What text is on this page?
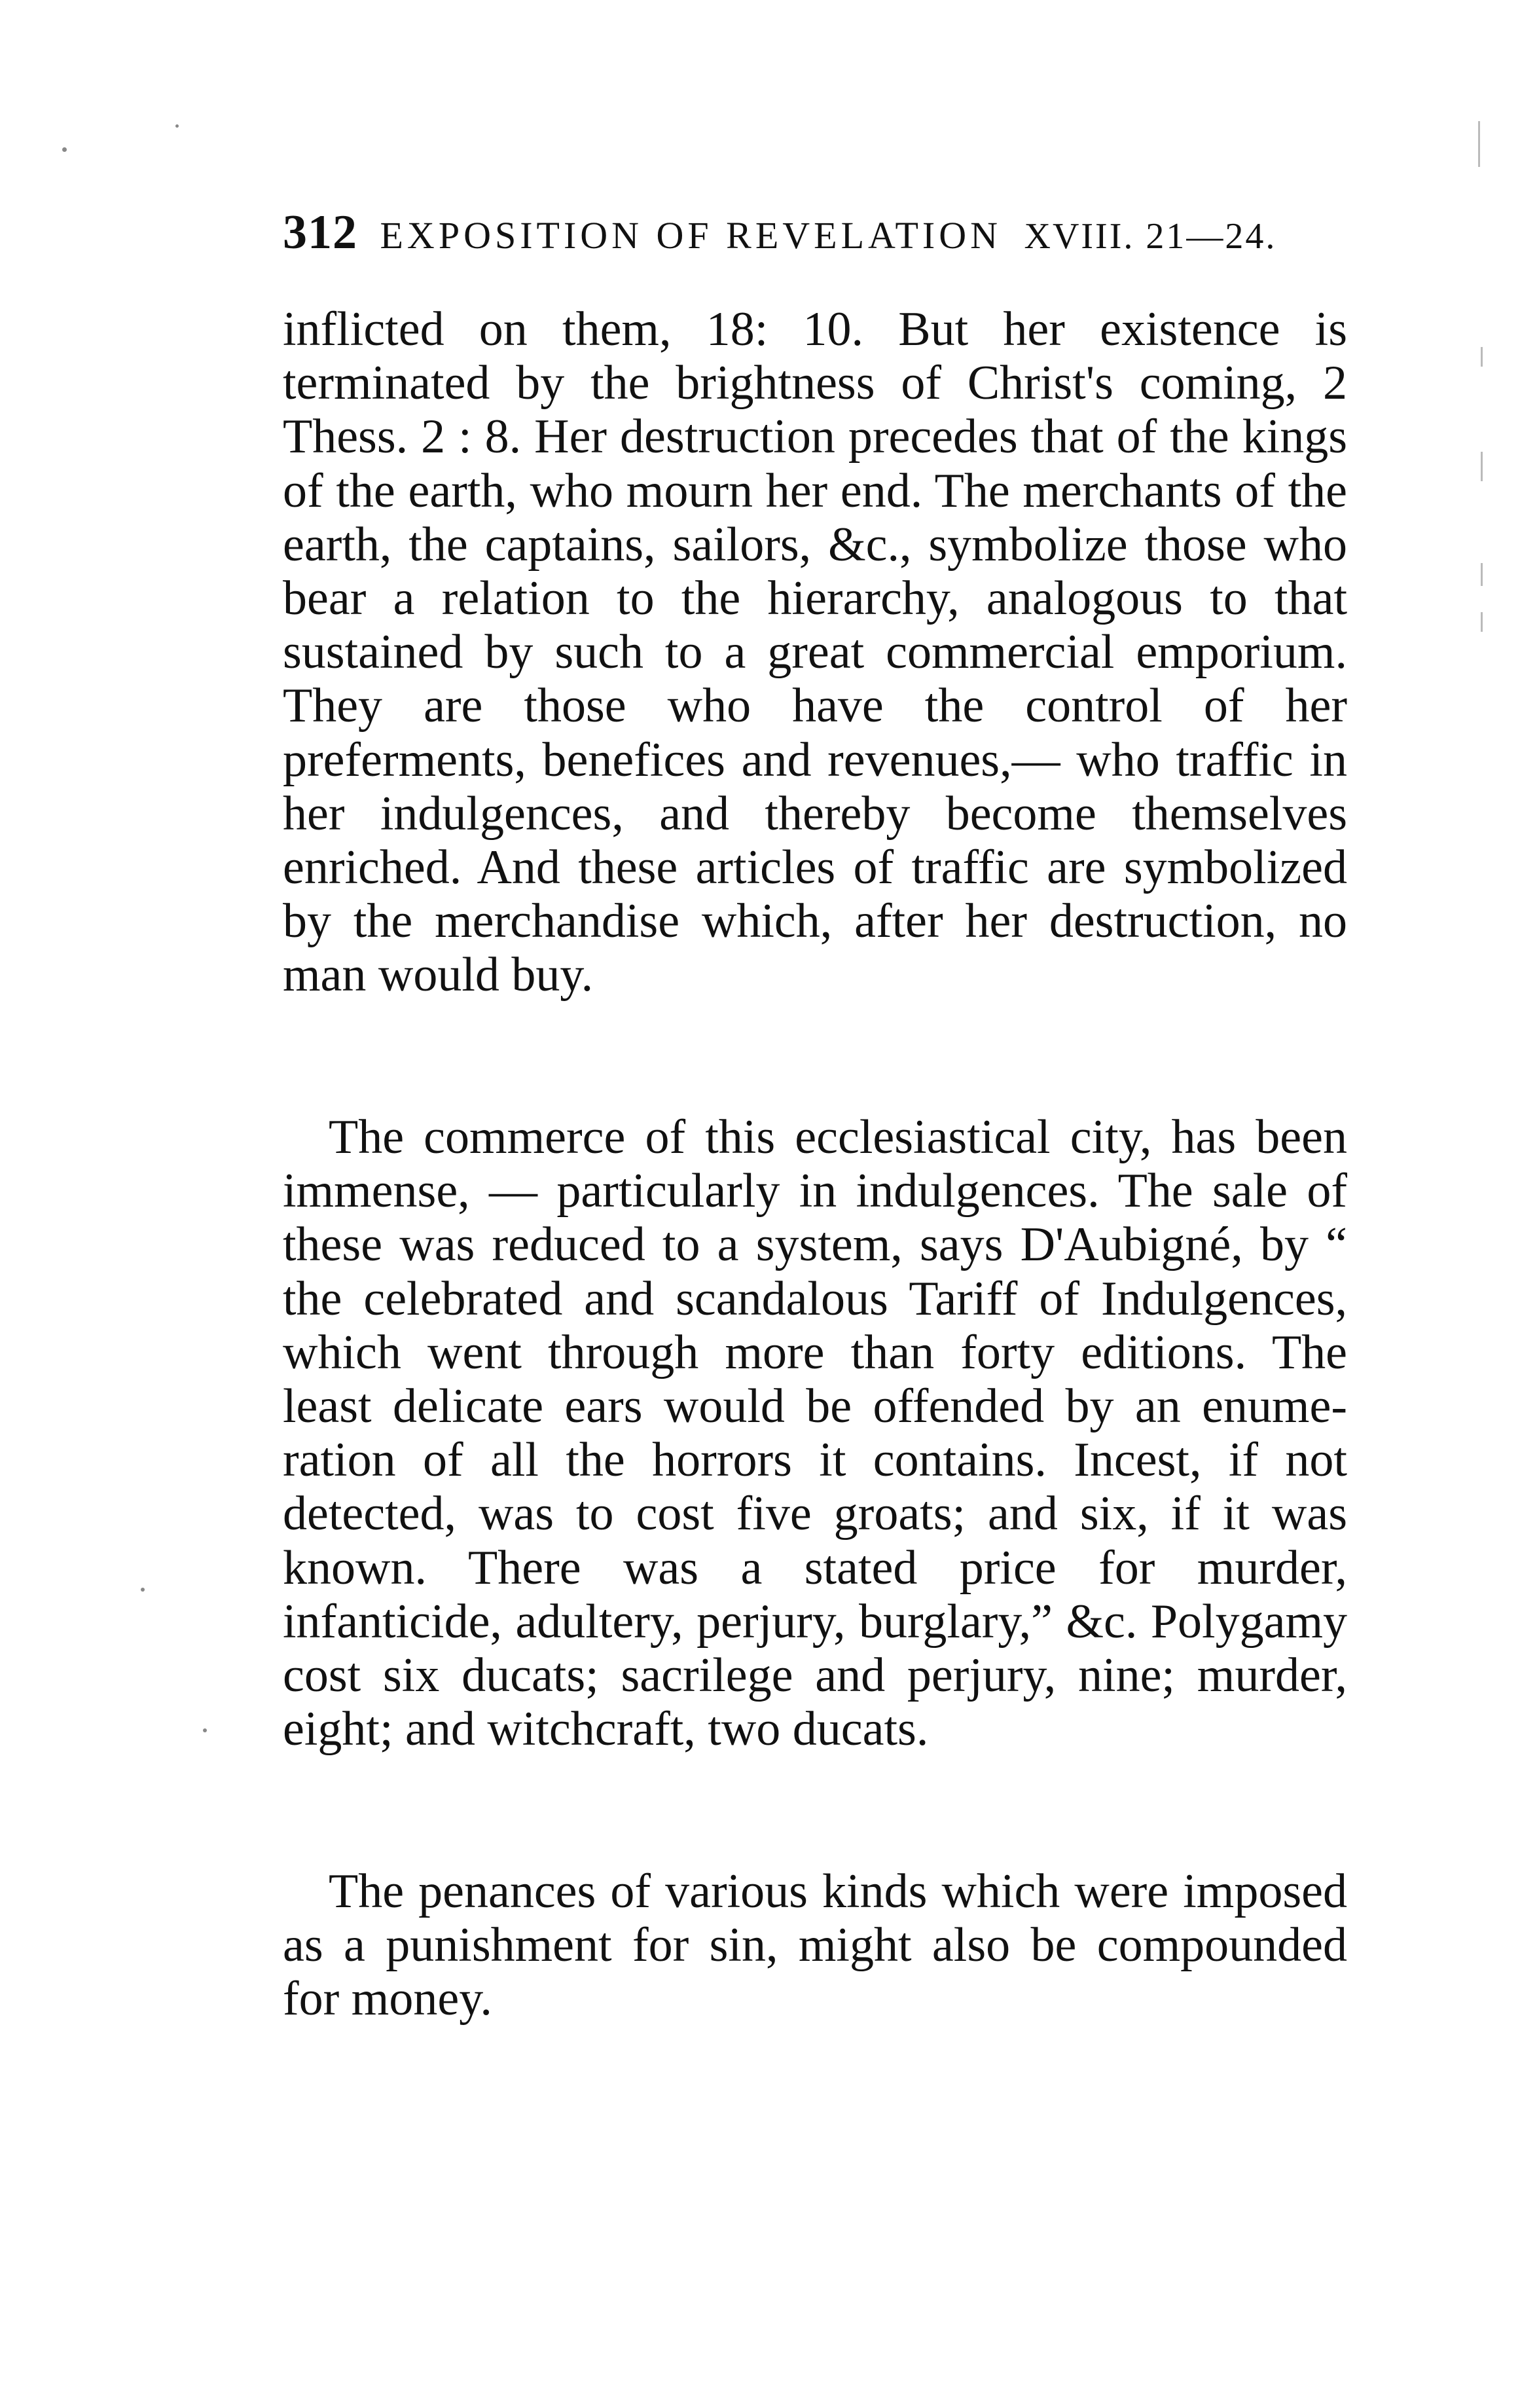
312 EXPOSITION OF REVELATION XVIII. 21—24.

inflicted on them, 18: 10. But her existence is terminated by the brightness of Christ's coming, 2 Thess. 2 : 8. Her destruction precedes that of the kings of the earth, who mourn her end. The merchants of the earth, the captains, sailors, &c., symbolize those who bear a relation to the hierarchy, analogous to that sustained by such to a great commercial emporium. They are those who have the control of her preferments, benefices and revenues,— who traffic in her indulgences, and thereby become themselves enriched. And these articles of traffic are symbolized by the merchandise which, after her destruction, no man would buy.

The commerce of this ecclesiastical city, has been immense, — particularly in indulgences. The sale of these was reduced to a system, says D'Aubigné, by “ the celebrated and scandalous Tariff of Indulgences, which went through more than forty editions. The least delicate ears would be offended by an enumeration of all the horrors it contains. Incest, if not detected, was to cost five groats; and six, if it was known. There was a stated price for murder, infanticide, adultery, perjury, burglary,” &c. Polygamy cost six ducats; sacrilege and perjury, nine; murder, eight; and witchcraft, two ducats.

The penances of various kinds which were imposed as a punishment for sin, might also be compounded for money.
